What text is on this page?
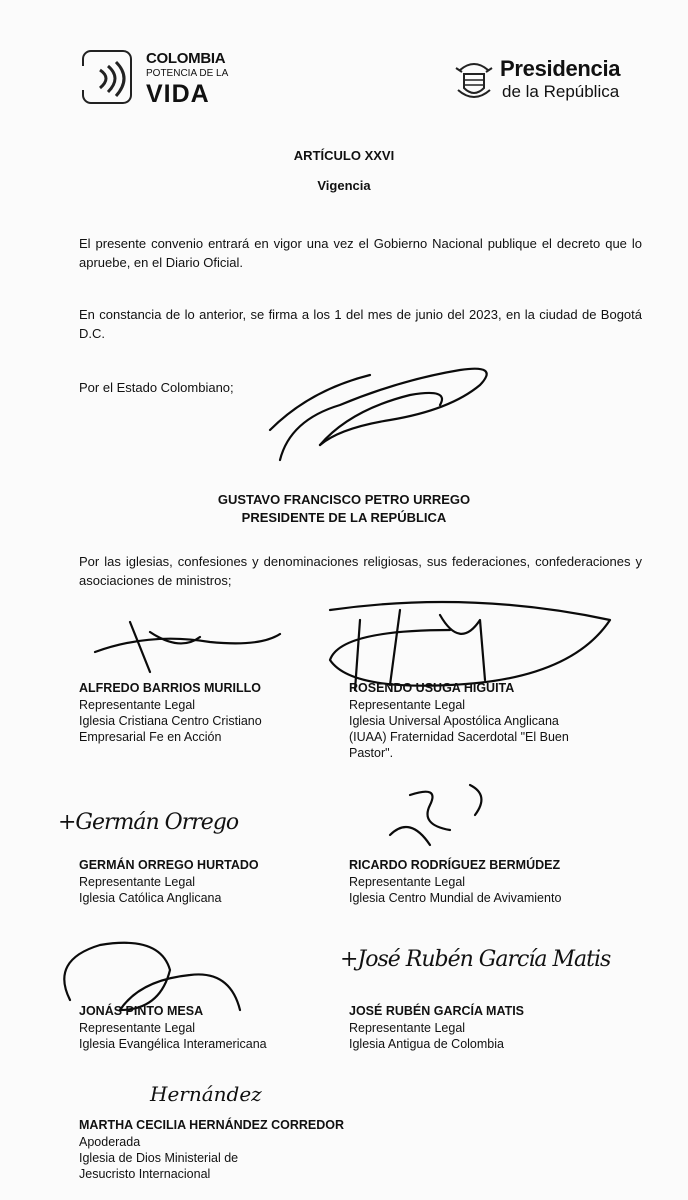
COLOMBIA
POTENCIA DE LA
VIDA
Presidencia
de la República
ARTÍCULO XXVI
Vigencia
El presente convenio entrará en vigor una vez el Gobierno Nacional publique el decreto que lo apruebe, en el Diario Oficial.
En constancia de lo anterior, se firma a los 1 del mes de junio del 2023, en la ciudad de Bogotá D.C.
Por el Estado Colombiano;
GUSTAVO FRANCISCO PETRO URREGO
PRESIDENTE DE LA REPÚBLICA
Por las iglesias, confesiones y denominaciones religiosas, sus federaciones, confederaciones y asociaciones de ministros;
+Germán Orrego
+José Rubén García Matis
Hernández
ALFREDO BARRIOS MURILLO
Representante Legal
Iglesia Cristiana Centro Cristiano
Empresarial Fe en Acción
ROSENDO USUGA HIGUITA
Representante Legal
Iglesia Universal Apostólica Anglicana
(IUAA) Fraternidad Sacerdotal "El Buen
Pastor".
GERMÁN ORREGO HURTADO
Representante Legal
Iglesia Católica Anglicana
RICARDO RODRÍGUEZ BERMÚDEZ
Representante Legal
Iglesia Centro Mundial de Avivamiento
JONÁS PINTO MESA
Representante Legal
Iglesia Evangélica Interamericana
JOSÉ RUBÉN GARCÍA MATIS
Representante Legal
Iglesia Antigua de Colombia
MARTHA CECILIA HERNÁNDEZ CORREDOR
Apoderada
Iglesia de Dios Ministerial de
Jesucristo Internacional
